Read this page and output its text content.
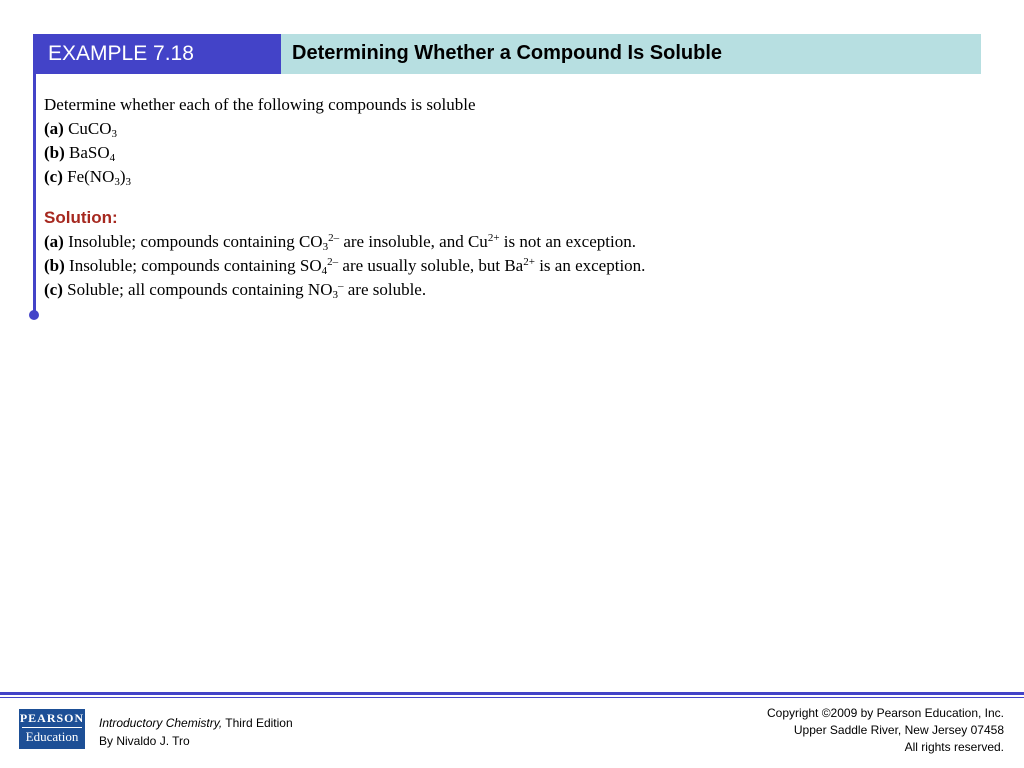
EXAMPLE 7.18	Determining Whether a Compound Is Soluble
Determine whether each of the following compounds is soluble
(a) CuCO$_3$
(b) BaSO$_4$
(c) $Fe(NO_3)_3$
Solution:
(a) Insoluble; compounds containing $CO_3^{2-}$ are insoluble, and $Cu^{2+}$ is not an exception.
(b) Insoluble; compounds containing $SO_4^{2-}$ are usually soluble, but $Ba^{2+}$ is an exception.
(c) Soluble; all compounds containing $NO_3^-$ are soluble.
PEARSON
Education
Introductory Chemistry, Third Edition
By Nivaldo J. Tro
Copyright ©2009 by Pearson Education, Inc.
Upper Saddle River, New Jersey 07458
All rights reserved.
